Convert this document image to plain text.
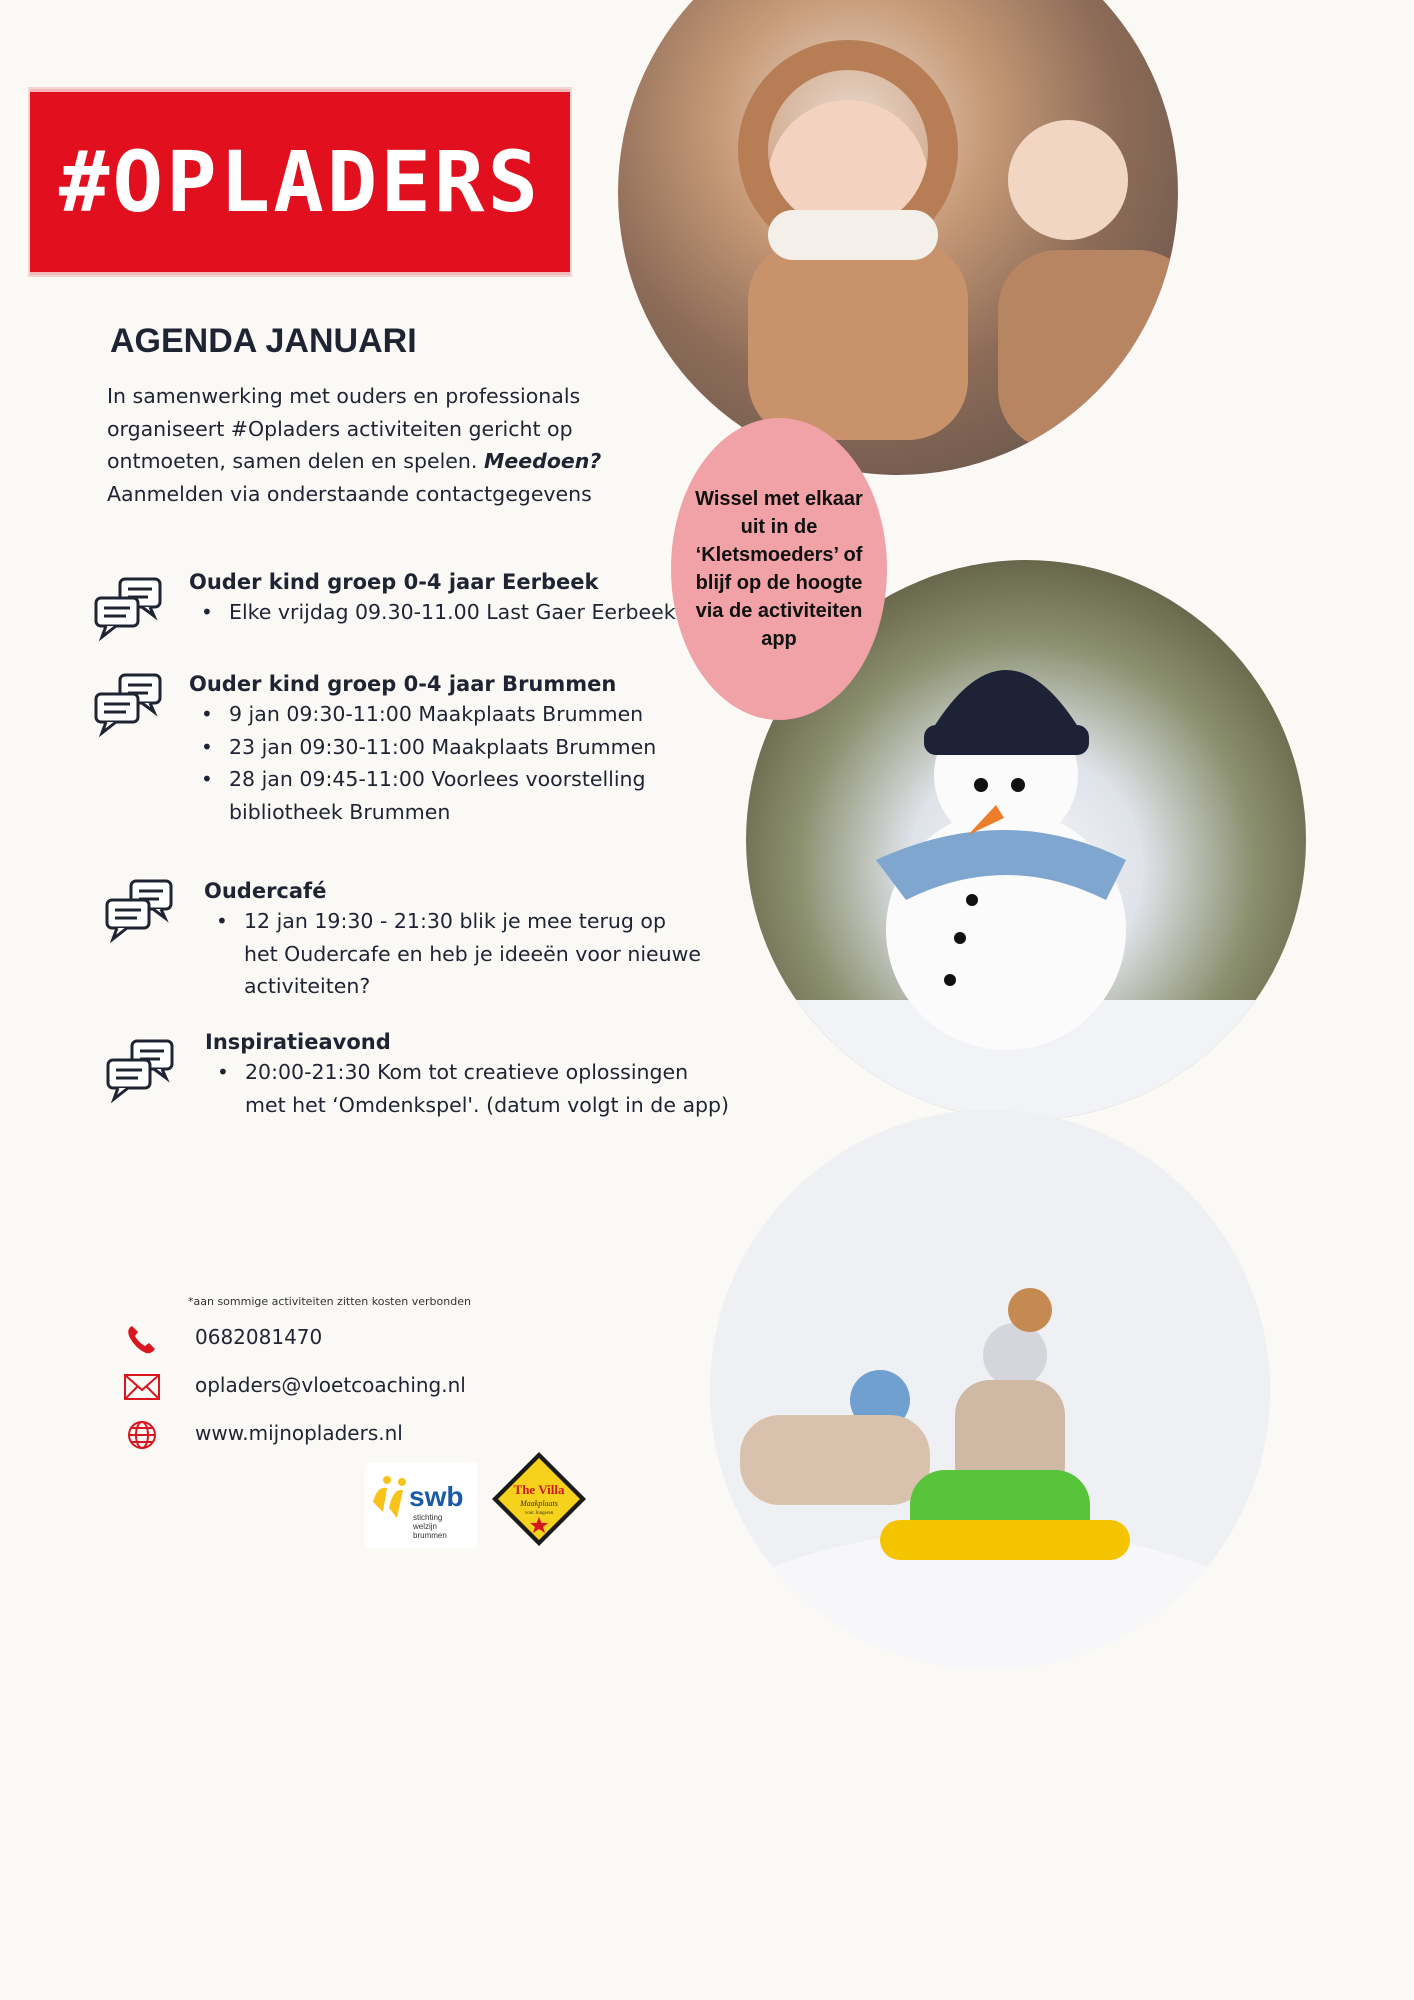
#OPLADERS

Wissel met elkaar uit in de ‘Kletsmoeders’ of blijf op de hoogte via de activiteiten app

AGENDA JANUARI

In samenwerking met ouders en professionals organiseert #Opladers activiteiten gericht op ontmoeten, samen delen en spelen. Meedoen?
Aanmelden via onderstaande contactgegevens

Ouder kind groep 0-4 jaar Eerbeek

• Elke vrijdag 09.30-11.00 Last Gaer Eerbeek

Ouder kind groep 0-4 jaar Brummen

• 9 jan 09:30-11:00 Maakplaats Brummen
• 23 jan 09:30-11:00 Maakplaats Brummen
• 28 jan 09:45-11:00 Voorlees voorstelling bibliotheek Brummen

Oudercafé

• 12 jan 19:30 - 21:30 blik je mee terug op het Oudercafe en heb je ideeën voor nieuwe activiteiten?

Inspiratieavond

• 20:00-21:30 Kom tot creatieve oplossingen met het ‘Omdenkspel'. (datum volgt in de app)

*aan sommige activiteiten zitten kosten verbonden

0682081470

opladers@vloetcoaching.nl

www.mijnopladers.nl

swb
stichting
welzijn
brummen
The Villa
Maakplaats
voor Jongeren
